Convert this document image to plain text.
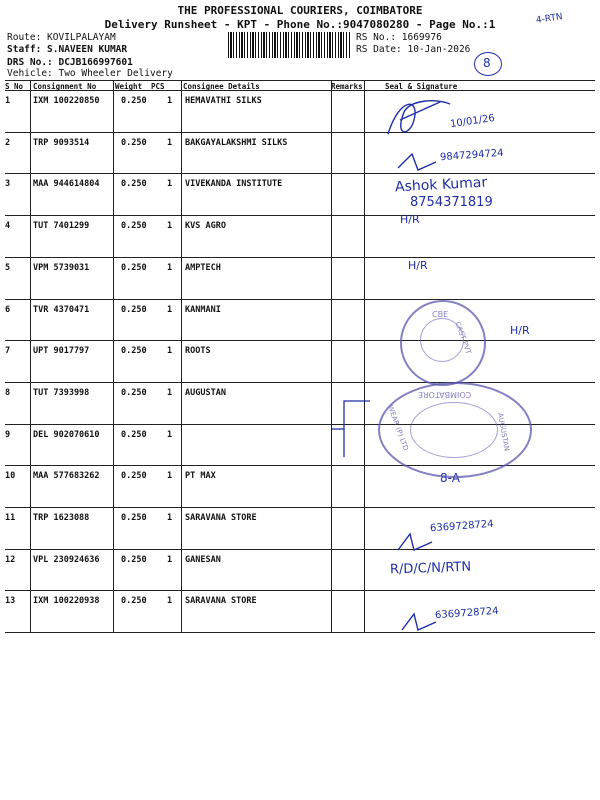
THE PROFESSIONAL COURIERS, COIMBATORE
Delivery Runsheet - KPT - Phone No.:9047080280 - Page No.:1	4-RTN
Route: KOVILPALAYAM
Staff: S.NAVEEN KUMAR
DRS No.: DCJB166997601
Vehicle: Two Wheeler Delivery
RS No.: 1669976
RS Date: 10-Jan-2026
8
S No Consignment No	Weight PCS Consignee Details	Remarks	Seal & Signature
1	IXM 100220850	0.250 1 HEMAVATHI SILKS
10/01/26
2	TRP 9093514	0.250 1 BAKGAYALAKSHMI SILKS
9847294724
3	MAA 944614804	0.250 1 VIVEKANDA INSTITUTE	Ashok Kumar
8754371819
4	TUT 7401299	0.250 1 KVS AGRO	H/R
5	VPM 5739031	0.250 1 AMPTECH	H/R
6	TVR 4370471	0.250 1 KANMANI
7	UPT 9017797	0.250 1 ROOTS
H/R
8	TUT 7393998	0.250 1 AUGUSTAN
9	DEL 902070610	0.250 1
10 MAA 577683262	0.250 1 PT MAX	8-A
11 TRP 1623088	0.250 1 SARAVANA STORE
6369728724
12 VPL 230924636	0.250 1 GANESAN	R/D/C/N/RTN
13 IXM 100220938	0.250 1 SARAVANA STORE
6369728724
CBE
CAST PVT
COIMBATORE
AUGUSTAN
WEAR (P) LTD
